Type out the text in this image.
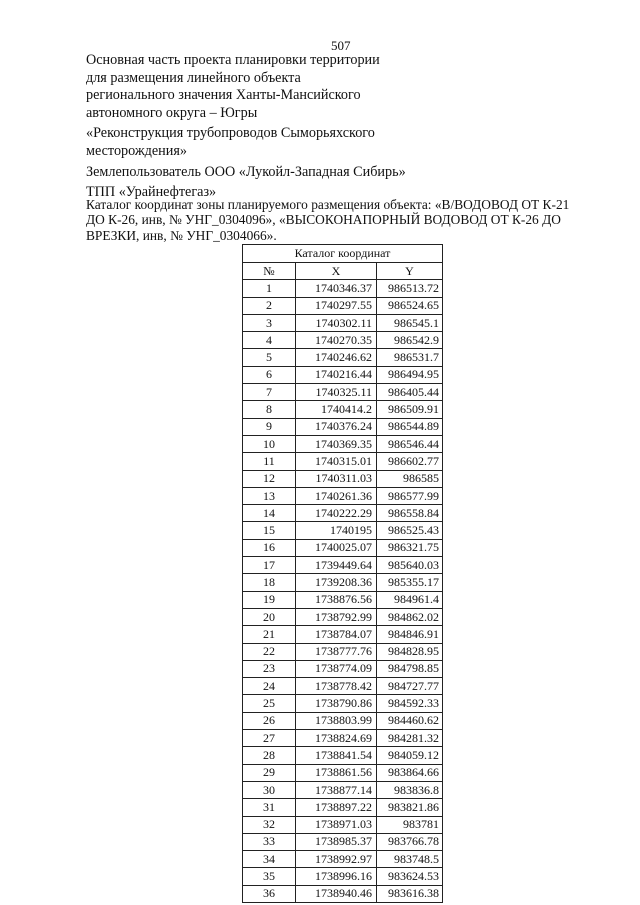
507
Основная часть проекта планировки территории
для размещения линейного объекта
регионального значения Ханты-Мансийского
автономного округа – Югры
«Реконструкция трубопроводов Сыморьяхского
месторождения»
Землепользователь ООО «Лукойл-Западная Сибирь»
ТПП «Урайнефтегаз»
Каталог координат зоны планируемого размещения объекта: «В/ВОДОВОД ОТ К-21 ДО К-26, инв, № УНГ_0304096», «ВЫСОКОНАПОРНЫЙ ВОДОВОД ОТ К-26 ДО ВРЕЗКИ, инв, № УНГ_0304066».
Каталог координат		
№	X	Y
1	1740346.37	986513.72
2	1740297.55	986524.65
3	1740302.11	986545.1
4	1740270.35	986542.9
5	1740246.62	986531.7
6	1740216.44	986494.95
7	1740325.11	986405.44
8	1740414.2	986509.91
9	1740376.24	986544.89
10	1740369.35	986546.44
11	1740315.01	986602.77
12	1740311.03	986585
13	1740261.36	986577.99
14	1740222.29	986558.84
15	1740195	986525.43
16	1740025.07	986321.75
17	1739449.64	985640.03
18	1739208.36	985355.17
19	1738876.56	984961.4
20	1738792.99	984862.02
21	1738784.07	984846.91
22	1738777.76	984828.95
23	1738774.09	984798.85
24	1738778.42	984727.77
25	1738790.86	984592.33
26	1738803.99	984460.62
27	1738824.69	984281.32
28	1738841.54	984059.12
29	1738861.56	983864.66
30	1738877.14	983836.8
31	1738897.22	983821.86
32	1738971.03	983781
33	1738985.37	983766.78
34	1738992.97	983748.5
35	1738996.16	983624.53
36	1738940.46	983616.38
